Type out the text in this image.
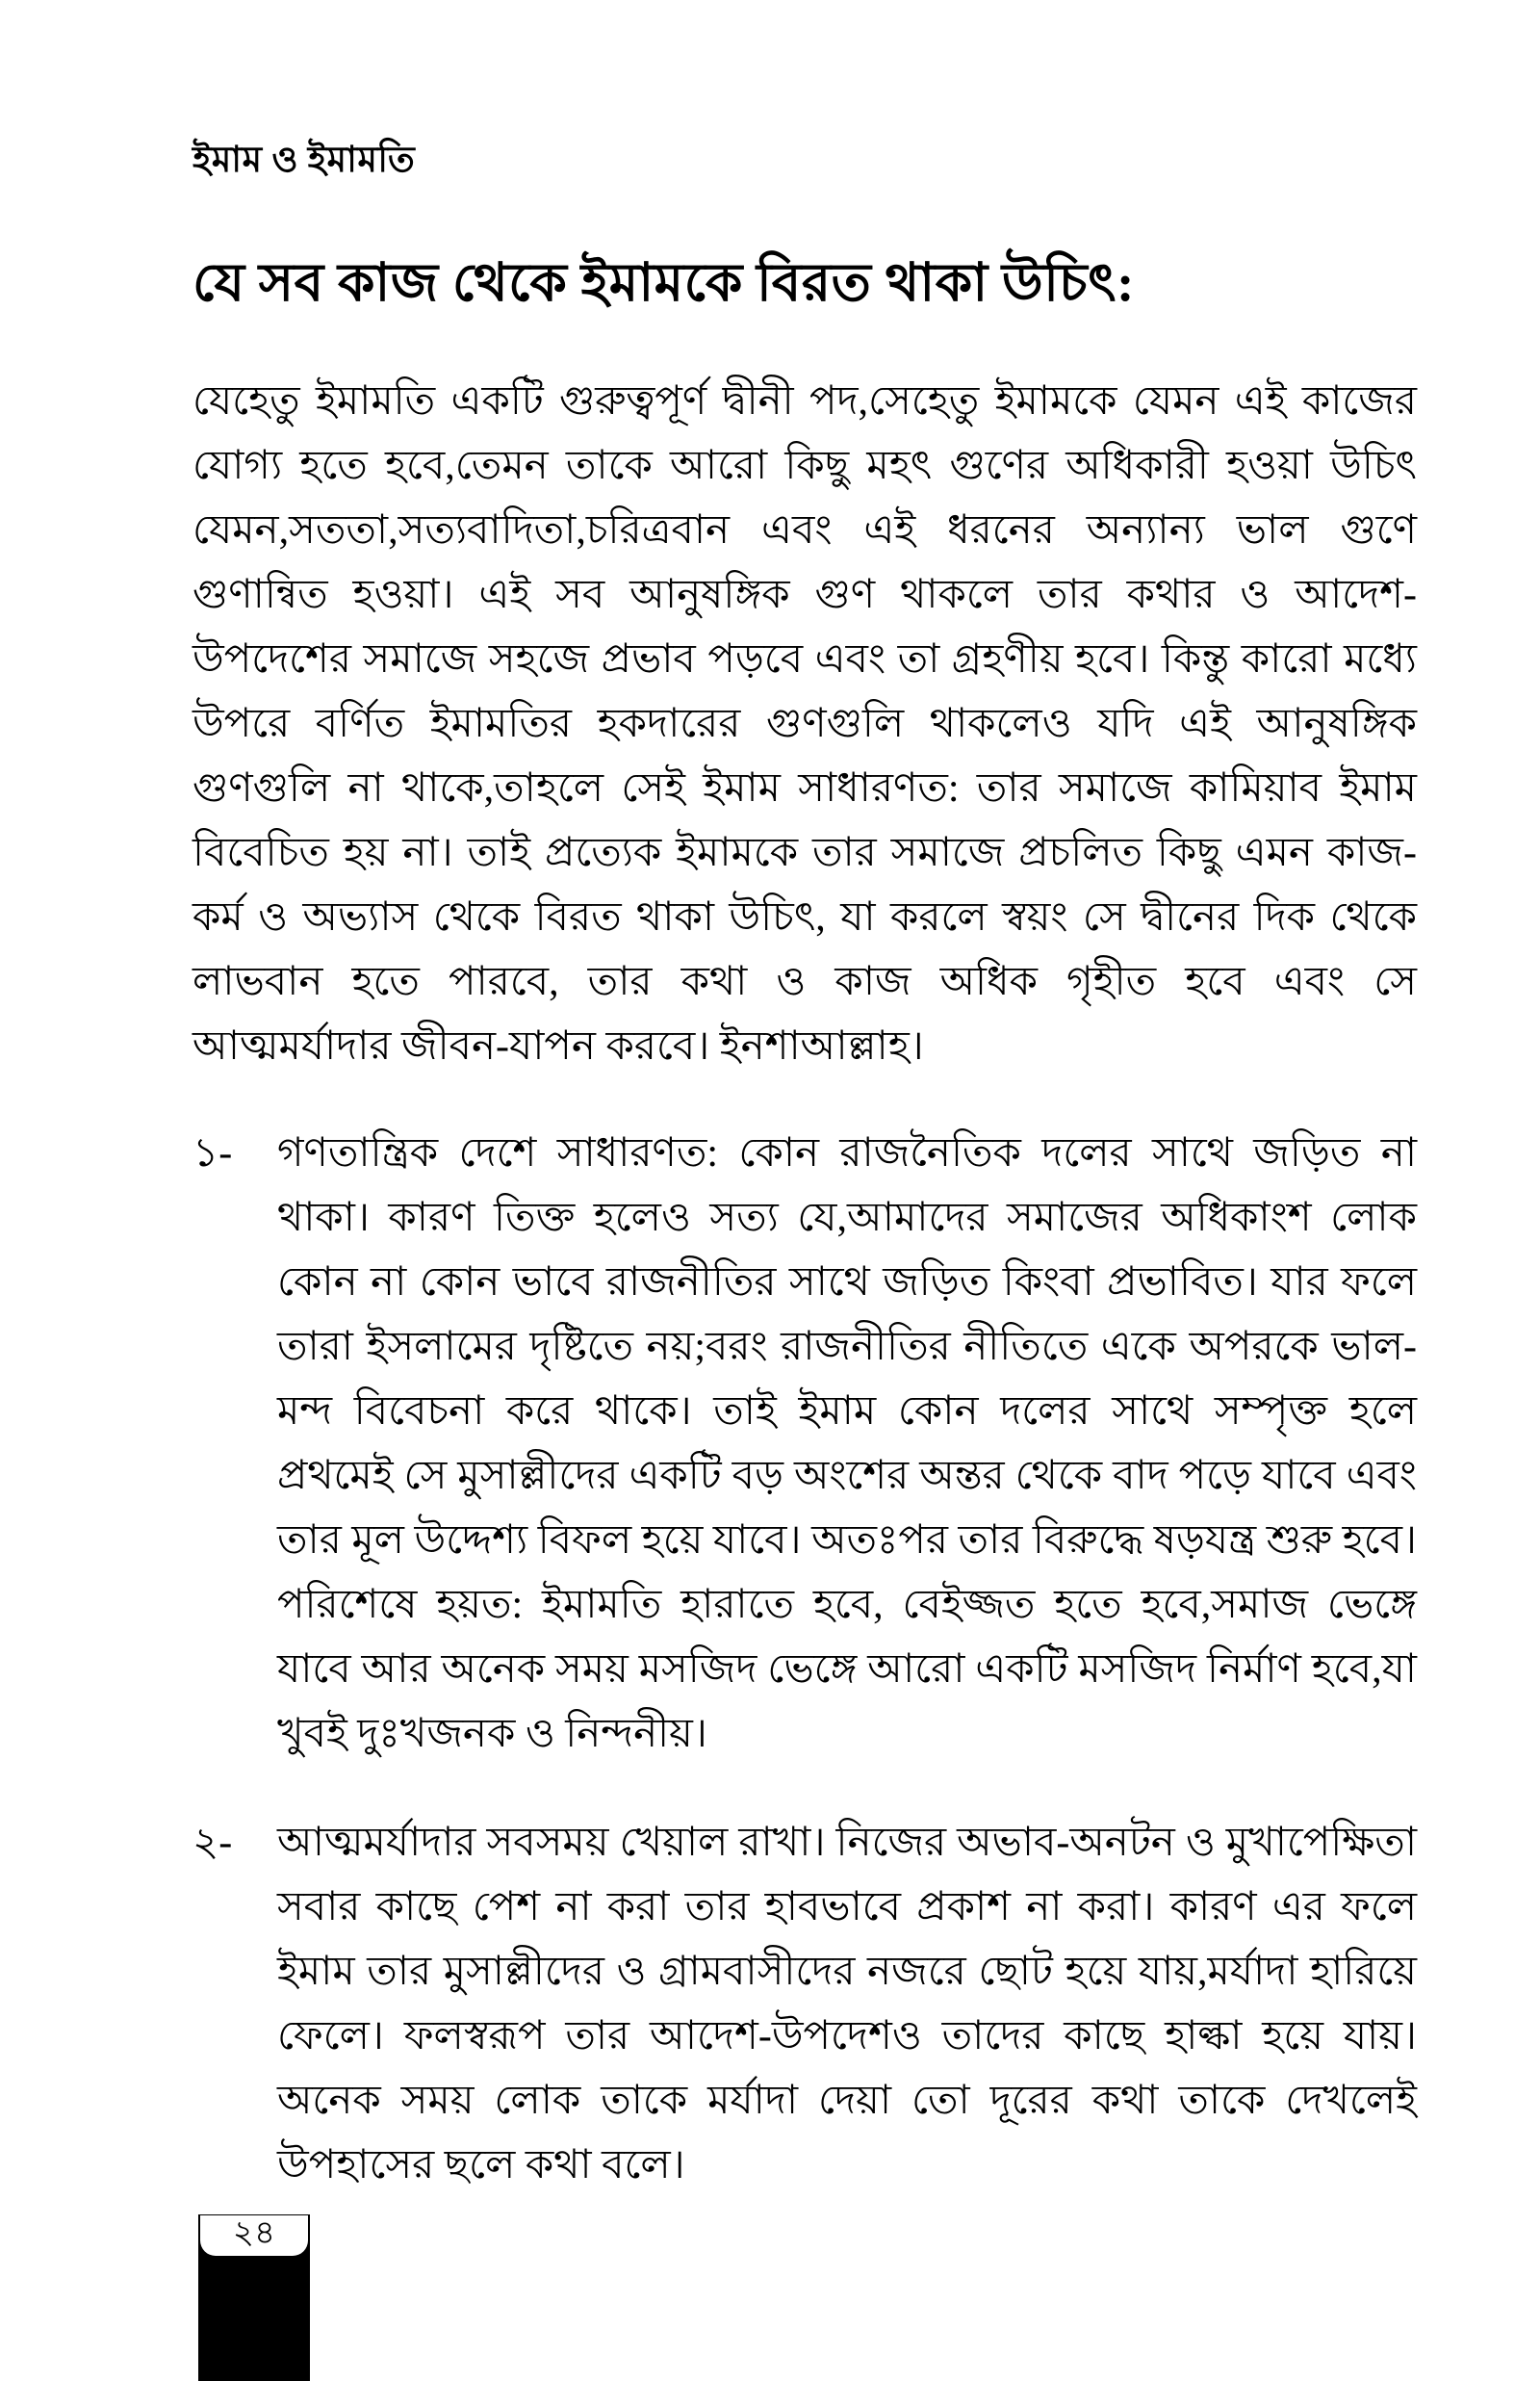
ইমাম ও ইমামতি
যে সব কাজ থেকে ইমামকে বিরত থাকা উচিৎ:

যেহেতু ইমামতি একটি গুরুত্বপূর্ণ দ্বীনী পদ,সেহেতু ইমামকে যেমন এই কাজের যোগ্য হতে হবে,তেমন তাকে আরো কিছু মহৎ গুণের অধিকারী হওয়া উচিৎ যেমন,সততা,সত্যবাদিতা,চরিত্রবান এবং এই ধরনের অন্যান্য ভাল গুণে গুণান্বিত হওয়া। এই সব আনুষঙ্গিক গুণ থাকলে তার কথার ও আদেশ-উপদেশের সমাজে সহজে প্রভাব পড়বে এবং তা গ্রহণীয় হবে। কিন্তু কারো মধ্যে উপরে বর্ণিত ইমামতির হকদারের গুণগুলি থাকলেও যদি এই আনুষঙ্গিক গুণগুলি না থাকে,তাহলে সেই ইমাম সাধারণত: তার সমাজে কামিয়াব ইমাম বিবেচিত হয় না। তাই প্রত্যেক ইমামকে তার সমাজে প্রচলিত কিছু এমন কাজ-কর্ম ও অভ্যাস থেকে বিরত থাকা উচিৎ, যা করলে স্বয়ং সে দ্বীনের দিক থেকে লাভবান হতে পারবে, তার কথা ও কাজ অধিক গৃহীত হবে এবং সে আত্মমর্যাদার জীবন-যাপন করবে। ইনশাআল্লাহ।

১-	গণতান্ত্রিক দেশে সাধারণত: কোন রাজনৈতিক দলের সাথে জড়িত না থাকা। কারণ তিক্ত হলেও সত্য যে,আমাদের সমাজের অধিকাংশ লোক কোন না কোন ভাবে রাজনীতির সাথে জড়িত কিংবা প্রভাবিত। যার ফলে তারা ইসলামের দৃষ্টিতে নয়;বরং রাজনীতির নীতিতে একে অপরকে ভাল-মন্দ বিবেচনা করে থাকে। তাই ইমাম কোন দলের সাথে সম্পৃক্ত হলে প্রথমেই সে মুসাল্লীদের একটি বড় অংশের অন্তর থেকে বাদ পড়ে যাবে এবং তার মূল উদ্দেশ্য বিফল হয়ে যাবে। অতঃপর তার বিরুদ্ধে ষড়যন্ত্র শুরু হবে। পরিশেষে হয়ত: ইমামতি হারাতে হবে, বেইজ্জত হতে হবে,সমাজ ভেঙ্গে যাবে আর অনেক সময় মসজিদ ভেঙ্গে আরো একটি মসজিদ নির্মাণ হবে,যা খুবই দুঃখজনক ও নিন্দনীয়।
২-	আত্মমর্যাদার সবসময় খেয়াল রাখা। নিজের অভাব-অনটন ও মুখাপেক্ষিতা সবার কাছে পেশ না করা তার হাবভাবে প্রকাশ না করা। কারণ এর ফলে ইমাম তার মুসাল্লীদের ও গ্রামবাসীদের নজরে ছোট হয়ে যায়,মর্যাদা হারিয়ে ফেলে। ফলস্বরূপ তার আদেশ-উপদেশও তাদের কাছে হাল্কা হয়ে যায়। অনেক সময় লোক তাকে মর্যাদা দেয়া তো দূরের কথা তাকে দেখলেই উপহাসের ছলে কথা বলে।
২৪
